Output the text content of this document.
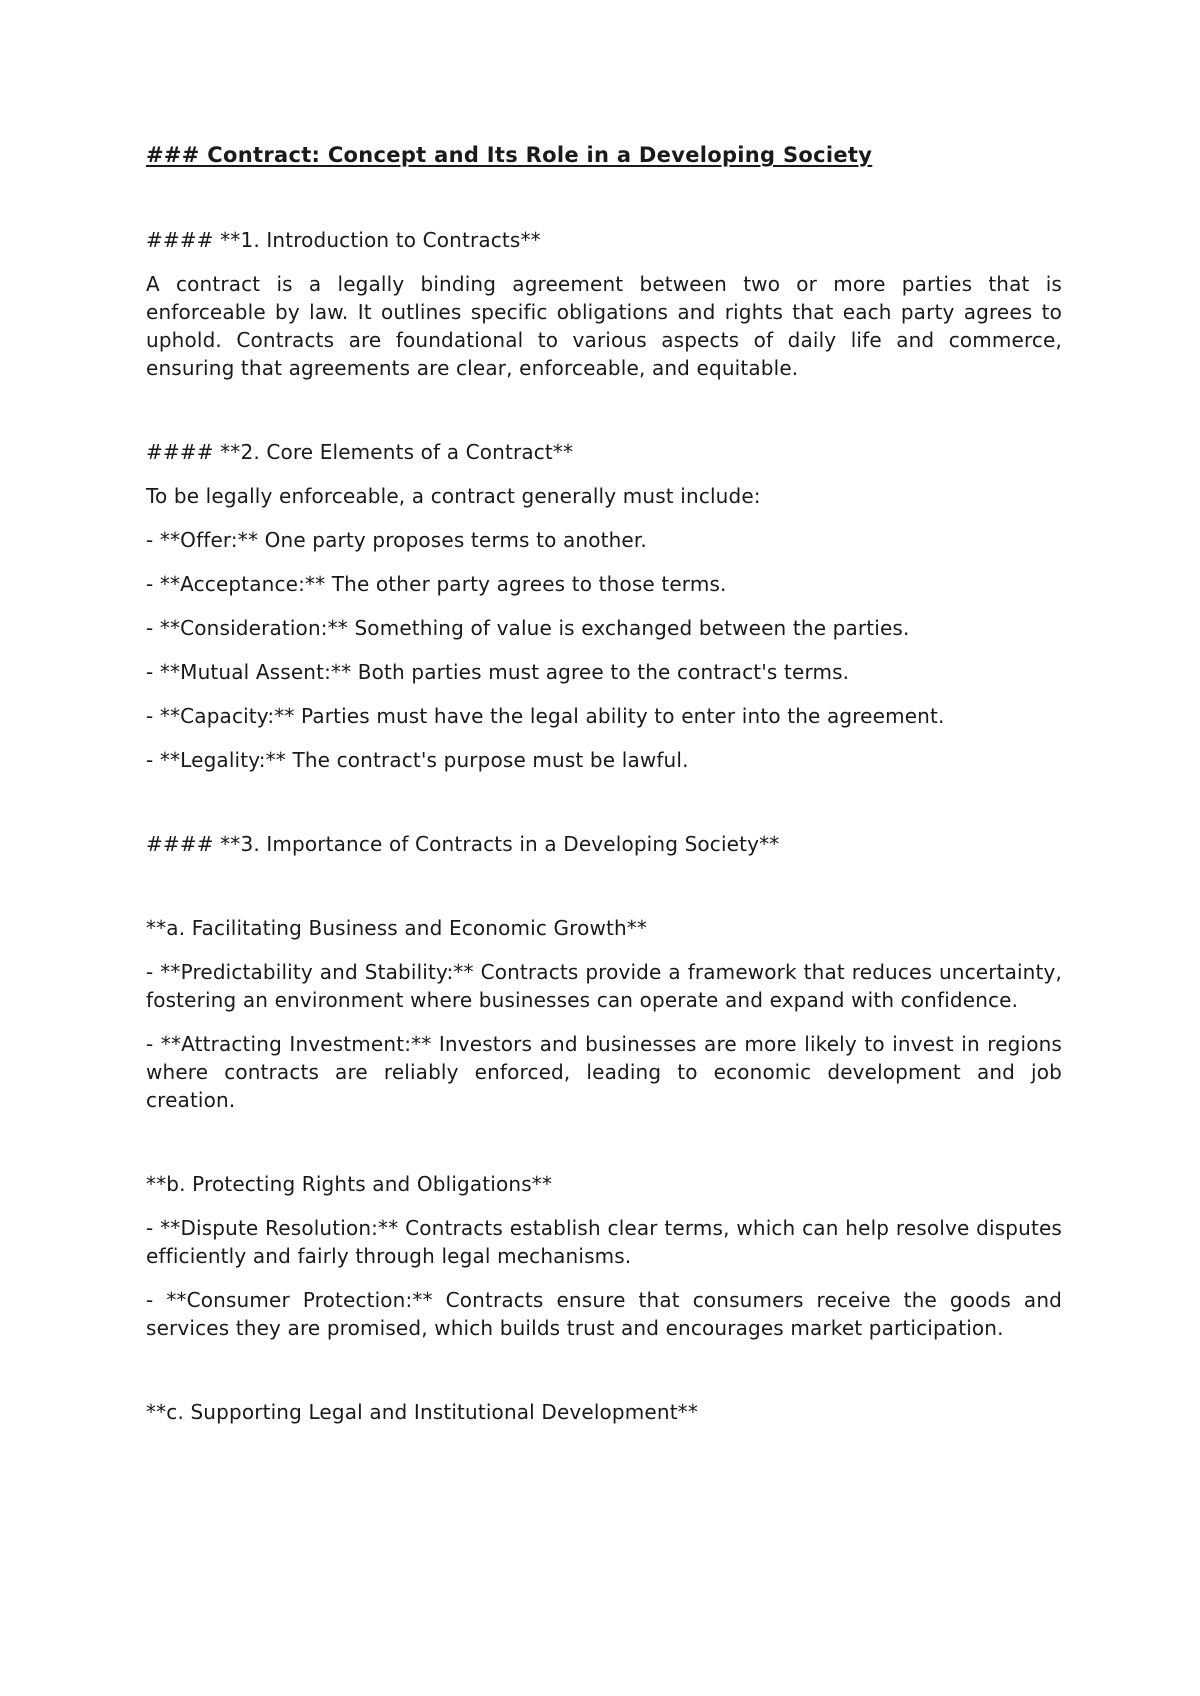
### Contract: Concept and Its Role in a Developing Society
#### **1. Introduction to Contracts**

A contract is a legally binding agreement between two or more parties that is enforceable by law. It outlines specific obligations and rights that each party agrees to uphold. Contracts are foundational to various aspects of daily life and commerce, ensuring that agreements are clear, enforceable, and equitable.

#### **2. Core Elements of a Contract**

To be legally enforceable, a contract generally must include:

- **Offer:** One party proposes terms to another.

- **Acceptance:** The other party agrees to those terms.

- **Consideration:** Something of value is exchanged between the parties.

- **Mutual Assent:** Both parties must agree to the contract's terms.

- **Capacity:** Parties must have the legal ability to enter into the agreement.

- **Legality:** The contract's purpose must be lawful.

#### **3. Importance of Contracts in a Developing Society**

**a. Facilitating Business and Economic Growth**

- **Predictability and Stability:** Contracts provide a framework that reduces uncertainty, fostering an environment where businesses can operate and expand with confidence.

- **Attracting Investment:** Investors and businesses are more likely to invest in regions where contracts are reliably enforced, leading to economic development and job creation.

**b. Protecting Rights and Obligations**

- **Dispute Resolution:** Contracts establish clear terms, which can help resolve disputes efficiently and fairly through legal mechanisms.

- **Consumer Protection:** Contracts ensure that consumers receive the goods and services they are promised, which builds trust and encourages market participation.

**c. Supporting Legal and Institutional Development**
